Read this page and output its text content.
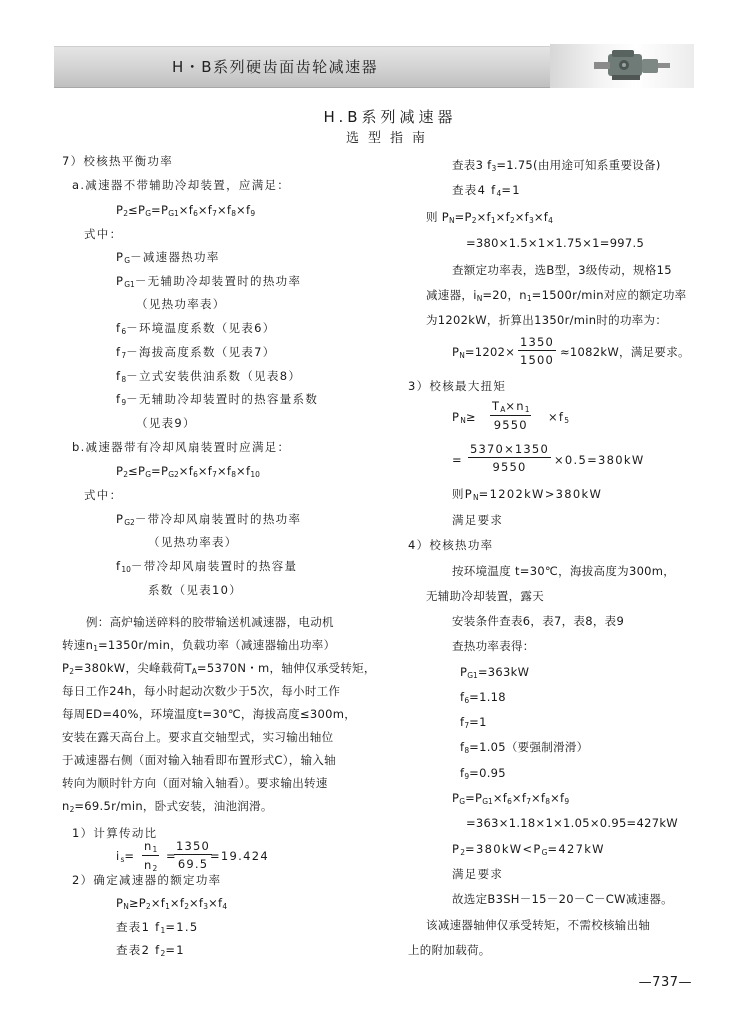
H・B系列硬齿面齿轮减速器
H.B系列减速器
选型指南
7）校核热平衡功率
a.减速器不带辅助冷却装置，应满足：
$P_2\le P_G=P_{G1}\times f_6\times f_7\times f_8\times f_9$
式中：
$P_G-$减速器热功率
$P_{G1}-$无辅助冷却装置时的热功率
（见热功率表）
$f_6-$环境温度系数（见表6）
$f_7-$海拔高度系数（见表7）
$f_8-$立式安装供油系数（见表8）
$f_9-$无辅助冷却装置时的热容量系数
（见表9）
b.减速器带有冷却风扇装置时应满足：
$P_2\le P_G=P_{G2}\times f_6\times f_7\times f_8\times f_{10}$
式中：
$P_{G2}-$带冷却风扇装置时的热功率
（见热功率表）
$f_{10}-$带冷却风扇装置时的热容量
系数（见表10）
例：高炉输送碎料的胶带输送机减速器，电动机
转速$n_1=1350r/\min$，负载功率（减速器输出功率）
$P_2=380kW$，尖峰载荷$T_A=5370N$・m，轴伸仅承受转矩，
每日工作24h，每小时起动次数少于5次，每小时工作
每周ED=40%，环境温度t=30℃，海拔高度≤300m，
安装在露天高台上。要求直交轴型式，实习输出轴位
于减速器右侧（面对输入轴看即布置形式C），输入轴
转向为顺时针方向（面对输入轴看）。要求输出转速
$n_2=69.5r/\min$，卧式安装，油池润滑。
1）计算传动比
$i_s= \frac{n_1}{n_2}$ =
$\frac{1350}{69.5}$
=19.424
2）确定减速器的额定功率
$P_N\ge P_2\times f_1\times f_2\times f_3\times f_4$
查表1 $f_1=1.5$
查表2 $f_2=1$
查表3 $f_3=1.75$(由用途可知系重要设备)
查表4 $f_4=1$
则 $P_N=P_2\times f_1\times f_2\times f_3\times f_4$
=380×1.5×1×1.75×1=997.5
查额定功率表，选B型，3级传动，规格15
减速器，$i_N=20$，$n_1=1500r/\min$对应的额定功率
为1202kW，折算出1350r/min时的功率为：
$P_N=1202\times \frac{1350}{1500} \approx 1082kW$，满足要求。
3）校核最大扭矩
$P_N\ge \frac{T_A\times n_1}{9550} \times f_5$
= $\frac{5370\times 1350}{9550} \times 0.5=380kW$
则$P_N=1202kW>380kW$
满足要求
4）校核热功率
按环境温度 t=30℃，海拔高度为300m，
无辅助冷却装置，露天
安装条件查表6，表7，表8，表9
查热功率表得：
$P_{G1}=363kW$
$f_6=1.18$
$f_7=1$
$f_8=1.05$（要强制滑滑）
$f_9=0.95$
$P_G=P_{G1}\times f_6\times f_7\times f_8\times f_9$
=363×1.18×1×1.05×0.95=427kW
$P_2=380kW<P_G=427kW$
满足要求
故选定B3SH－15－20－C－CW减速器。
该减速器轴伸仅承受转矩，不需校核输出轴
上的附加载荷。
—737—
